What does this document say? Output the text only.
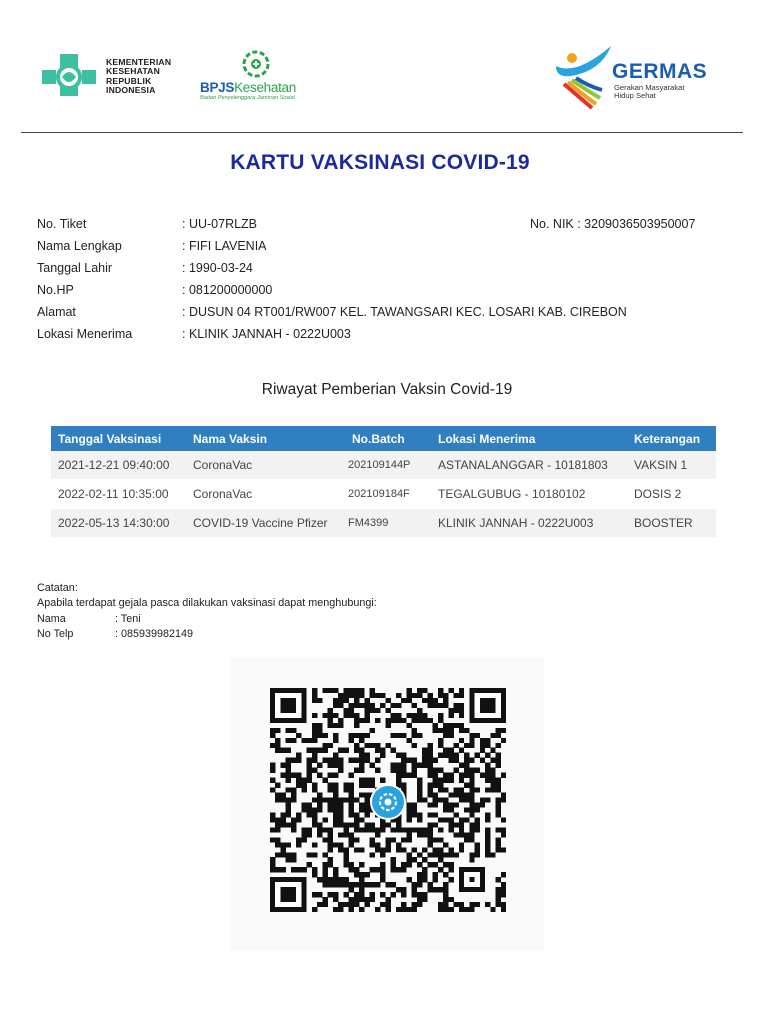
KEMENTERIAN
KESEHATAN
REPUBLIK
INDONESIA	BPJSKesehatan
Badan Penyelenggara Jaminan Sosial
GERMAS
Gerakan Masyarakat
Hidup Sehat
KARTU VAKSINASI COVID-19
No. Tiket	: UU-07RLZB
Nama Lengkap	: FIFI LAVENIA
Tanggal Lahir	: 1990-03-24
No.HP	: 081200000000
Alamat	: DUSUN 04 RT001/RW007 KEL. TAWANGSARI KEC. LOSARI KAB. CIREBON
Lokasi Menerima	: KLINIK JANNAH - 0222U003
No. NIK : 3209036503950007
Riwayat Pemberian Vaksin Covid-19
Tanggal Vaksinasi	Nama Vaksin	No.Batch	Lokasi Menerima	Keterangan
2021-12-21 09:40:00	CoronaVac	202109144P	ASTANALANGGAR - 10181803	VAKSIN 1
2022-02-11 10:35:00	CoronaVac	202109184F	TEGALGUBUG - 10180102	DOSIS 2
2022-05-13 14:30:00	COVID-19 Vaccine Pfizer	FM4399	KLINIK JANNAH - 0222U003	BOOSTER
Catatan:
Apabila terdapat gejala pasca dilakukan vaksinasi dapat menghubungi:
Nama	: Teni
No Telp	: 085939982149
